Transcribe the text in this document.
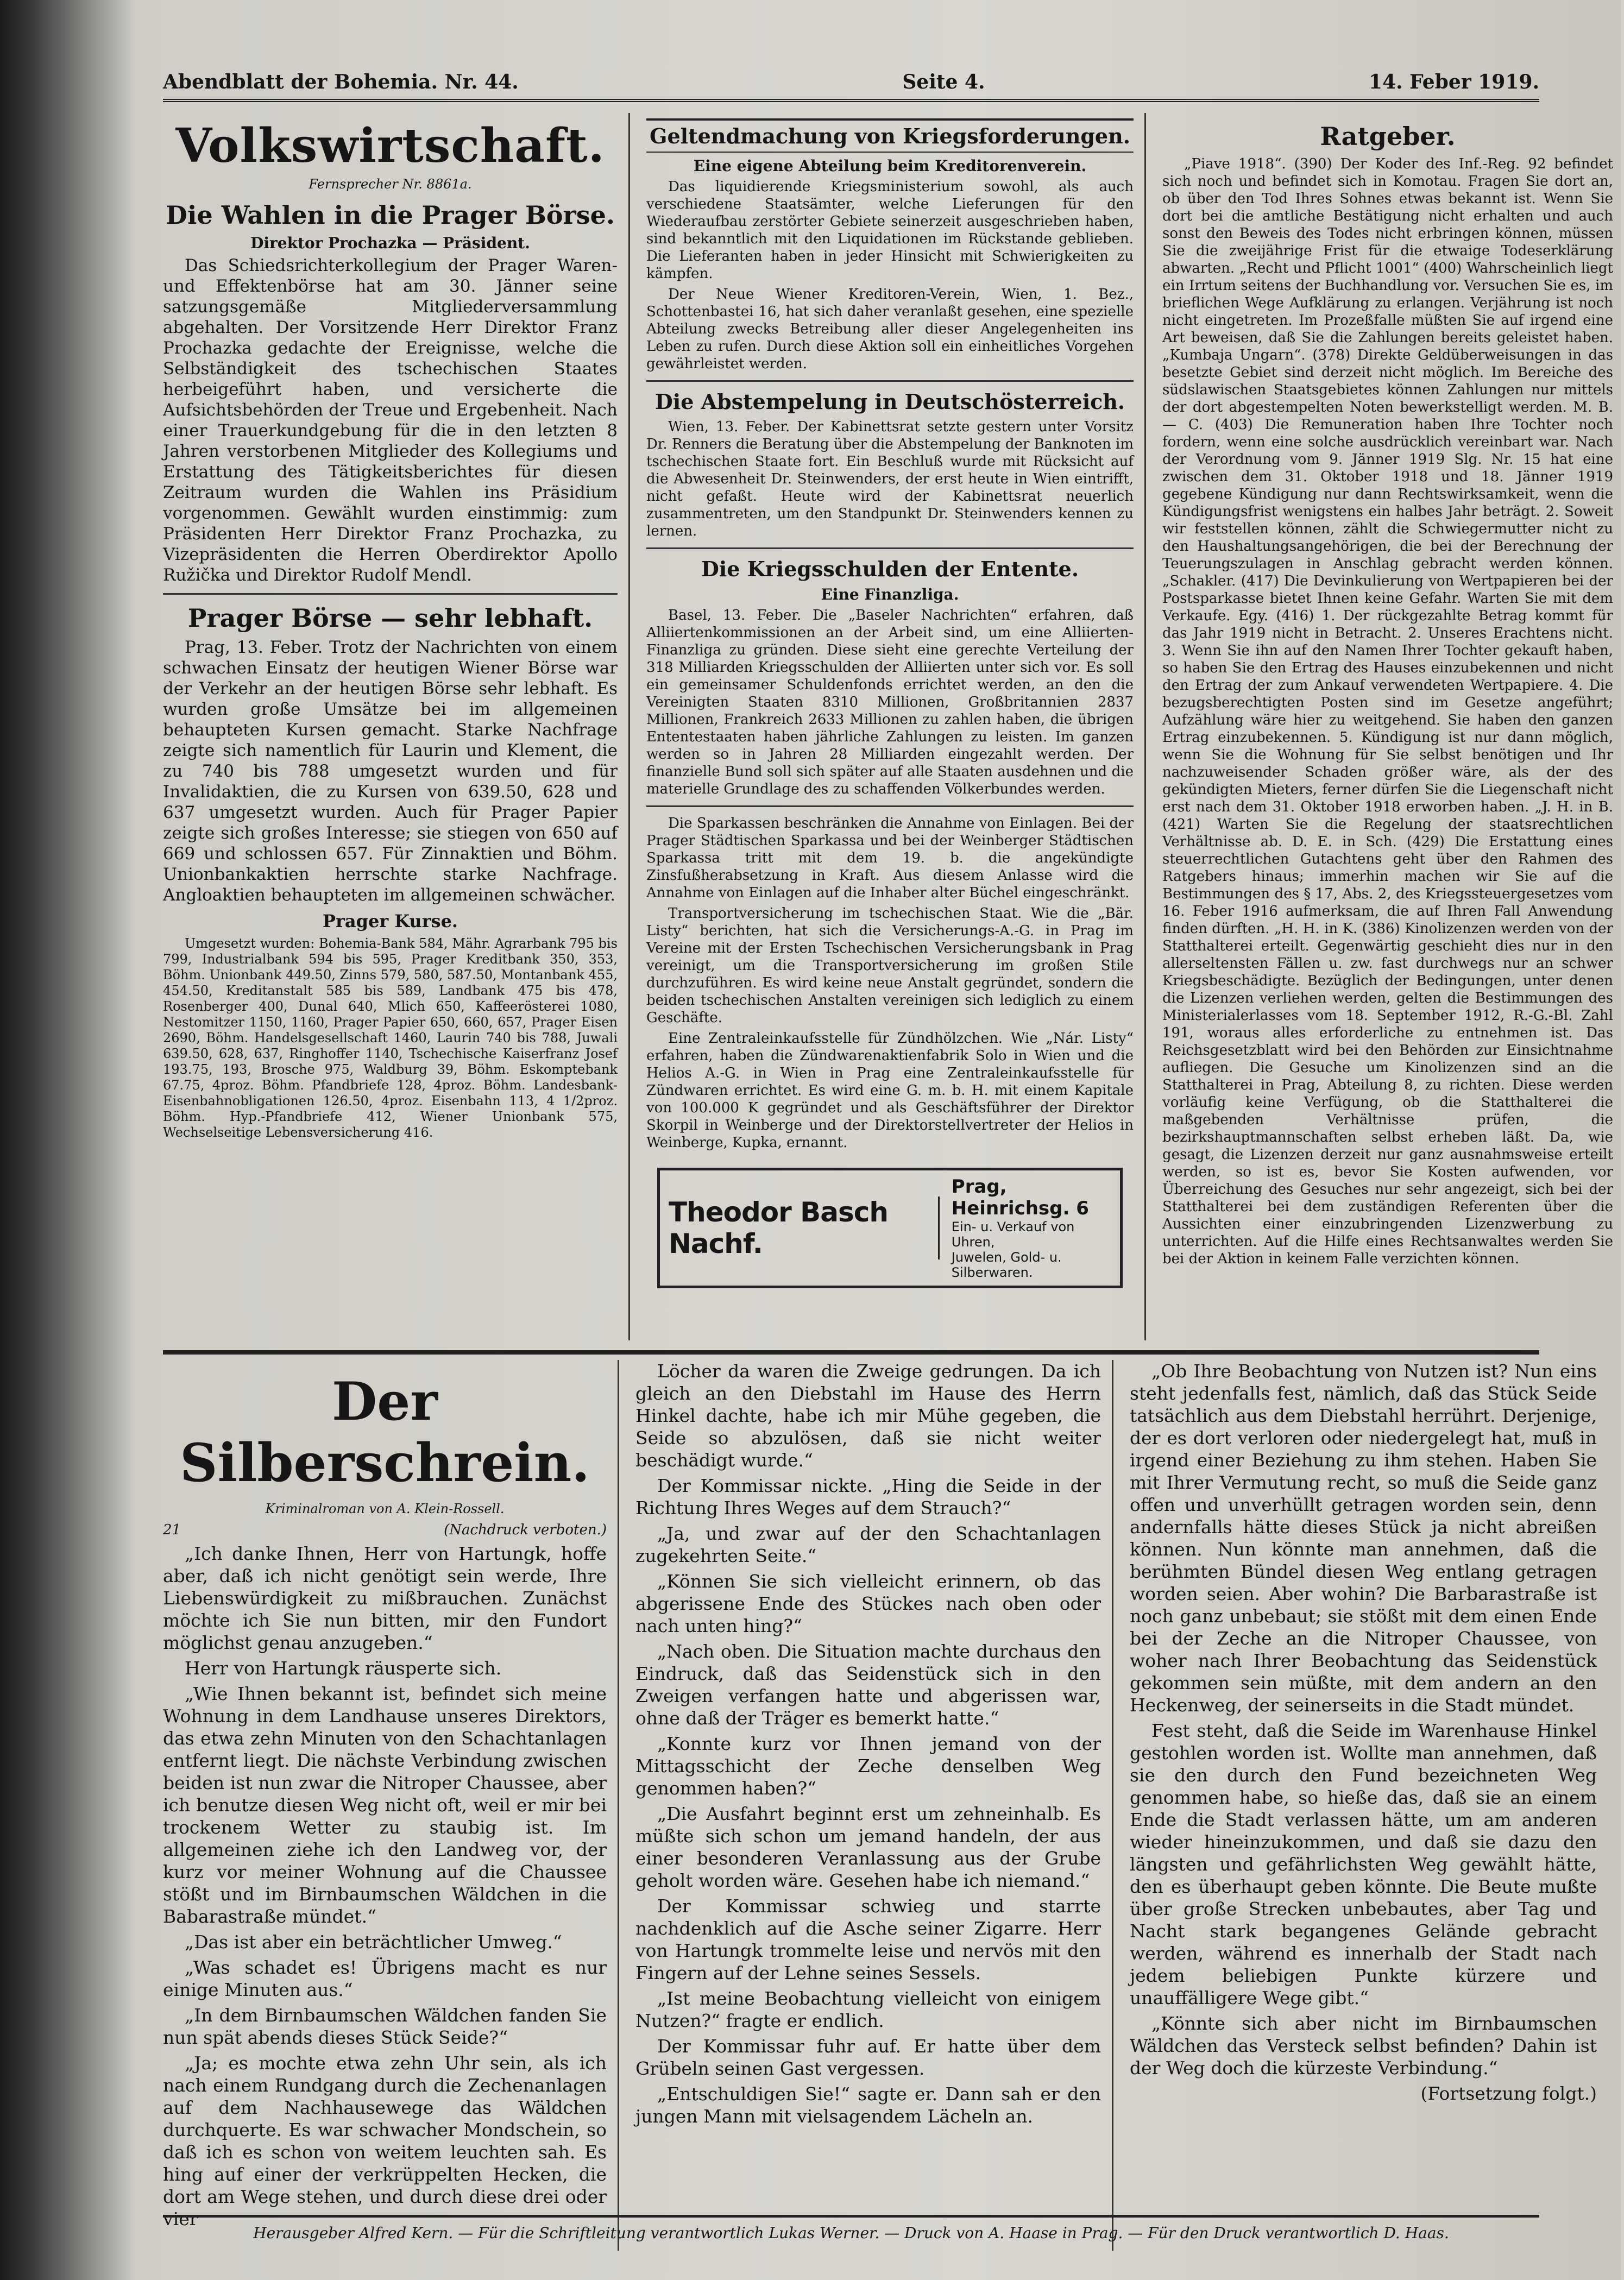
Abendblatt der Bohemia. Nr. 44.	Seite 4.	14. Feber 1919.
Volkswirtschaft.
Fernsprecher Nr. 8861a.
Die Wahlen in die Prager Börse.
Direktor Prochazka — Präsident.

Das Schiedsrichterkollegium der Prager Waren- und Effektenbörse hat am 30. Jänner seine satzungsgemäße Mitgliederversammlung abgehalten. Der Vorsitzende Herr Direktor Franz Prochazka gedachte der Ereignisse, welche die Selbständigkeit des tschechischen Staates herbeigeführt haben, und versicherte die Aufsichtsbehörden der Treue und Ergebenheit. Nach einer Trauerkundgebung für die in den letzten 8 Jahren verstorbenen Mitglieder des Kollegiums und Erstattung des Tätigkeitsberichtes für diesen Zeitraum wurden die Wahlen ins Präsidium vorgenommen. Gewählt wurden einstimmig: zum Präsidenten Herr Direktor Franz Prochazka, zu Vizepräsidenten die Herren Oberdirektor Apollo Ružička und Direktor Rudolf Mendl.

Prager Börse — sehr lebhaft.

Prag, 13. Feber. Trotz der Nachrichten von einem schwachen Einsatz der heutigen Wiener Börse war der Verkehr an der heutigen Börse sehr lebhaft. Es wurden große Umsätze bei im allgemeinen behaupteten Kursen gemacht. Starke Nachfrage zeigte sich namentlich für Laurin und Klement, die zu 740 bis 788 umgesetzt wurden und für Invalidaktien, die zu Kursen von 639.50, 628 und 637 umgesetzt wurden. Auch für Prager Papier zeigte sich großes Interesse; sie stiegen von 650 auf 669 und schlossen 657. Für Zinnaktien und Böhm. Unionbankaktien herrschte starke Nachfrage. Angloaktien behaupteten im allgemeinen schwächer.

Prager Kurse.

Umgesetzt wurden: Bohemia-Bank 584, Mähr. Agrarbank 795 bis 799, Industrialbank 594 bis 595, Prager Kreditbank 350, 353, Böhm. Unionbank 449.50, Zinns 579, 580, 587.50, Montanbank 455, 454.50, Kreditanstalt 585 bis 589, Landbank 475 bis 478, Rosenberger 400, Dunal 640, Mlich 650, Kaffeerösterei 1080, Nestomitzer 1150, 1160, Prager Papier 650, 660, 657, Prager Eisen 2690, Böhm. Handelsgesellschaft 1460, Laurin 740 bis 788, Juwali 639.50, 628, 637, Ringhoffer 1140, Tschechische Kaiserfranz Josef 193.75, 193, Brosche 975, Waldburg 39, Böhm. Eskomptebank 67.75, 4proz. Böhm. Pfandbriefe 128, 4proz. Böhm. Landesbank-Eisenbahnobligationen 126.50, 4proz. Eisenbahn 113, 4 1/2proz. Böhm. Hyp.-Pfandbriefe 412, Wiener Unionbank 575, Wechselseitige Lebensversicherung 416.

Geltendmachung von Kriegsforderungen.
Eine eigene Abteilung beim Kreditorenverein.

Das liquidierende Kriegsministerium sowohl, als auch verschiedene Staatsämter, welche Lieferungen für den Wiederaufbau zerstörter Gebiete seinerzeit ausgeschrieben haben, sind bekanntlich mit den Liquidationen im Rückstande geblieben. Die Lieferanten haben in jeder Hinsicht mit Schwierigkeiten zu kämpfen.

Der Neue Wiener Kreditoren-Verein, Wien, 1. Bez., Schottenbastei 16, hat sich daher veranlaßt gesehen, eine spezielle Abteilung zwecks Betreibung aller dieser Angelegenheiten ins Leben zu rufen. Durch diese Aktion soll ein einheitliches Vorgehen gewährleistet werden.

Die Abstempelung in Deutschösterreich.

Wien, 13. Feber. Der Kabinettsrat setzte gestern unter Vorsitz Dr. Renners die Beratung über die Abstempelung der Banknoten im tschechischen Staate fort. Ein Beschluß wurde mit Rücksicht auf die Abwesenheit Dr. Steinwenders, der erst heute in Wien eintrifft, nicht gefaßt. Heute wird der Kabinettsrat neuerlich zusammentreten, um den Standpunkt Dr. Steinwenders kennen zu lernen.

Die Kriegsschulden der Entente.
Eine Finanzliga.

Basel, 13. Feber. Die „Baseler Nachrichten“ erfahren, daß Alliiertenkommissionen an der Arbeit sind, um eine Alliierten-Finanzliga zu gründen. Diese sieht eine gerechte Verteilung der 318 Milliarden Kriegsschulden der Alliierten unter sich vor. Es soll ein gemeinsamer Schuldenfonds errichtet werden, an den die Vereinigten Staaten 8310 Millionen, Großbritannien 2837 Millionen, Frankreich 2633 Millionen zu zahlen haben, die übrigen Ententestaaten haben jährliche Zahlungen zu leisten. Im ganzen werden so in Jahren 28 Milliarden eingezahlt werden. Der finanzielle Bund soll sich später auf alle Staaten ausdehnen und die materielle Grundlage des zu schaffenden Völkerbundes werden.

Die Sparkassen beschränken die Annahme von Einlagen. Bei der Prager Städtischen Sparkassa und bei der Weinberger Städtischen Sparkassa tritt mit dem 19. b. die angekündigte Zinsfußherabsetzung in Kraft. Aus diesem Anlasse wird die Annahme von Einlagen auf die Inhaber alter Büchel eingeschränkt.

Transportversicherung im tschechischen Staat. Wie die „Bär. Listy“ berichten, hat sich die Versicherungs-A.-G. in Prag im Vereine mit der Ersten Tschechischen Versicherungsbank in Prag vereinigt, um die Transportversicherung im großen Stile durchzuführen. Es wird keine neue Anstalt gegründet, sondern die beiden tschechischen Anstalten vereinigen sich lediglich zu einem Geschäfte.

Eine Zentraleinkaufsstelle für Zündhölzchen. Wie „Nár. Listy“ erfahren, haben die Zündwarenaktienfabrik Solo in Wien und die Helios A.-G. in Wien in Prag eine Zentraleinkaufsstelle für Zündwaren errichtet. Es wird eine G. m. b. H. mit einem Kapitale von 100.000 K gegründet und als Geschäftsführer der Direktor Skorpil in Weinberge und der Direktorstellvertreter der Helios in Weinberge, Kupka, ernannt.

Theodor Basch Nachf.
Prag, Heinrichsg. 6
Ein- u. Verkauf von Uhren,
Juwelen, Gold- u. Silberwaren.
Ratgeber.

„Piave 1918“. (390) Der Koder des Inf.-Reg. 92 befindet sich noch und befindet sich in Komotau. Fragen Sie dort an, ob über den Tod Ihres Sohnes etwas bekannt ist. Wenn Sie dort bei die amtliche Bestätigung nicht erhalten und auch sonst den Beweis des Todes nicht erbringen können, müssen Sie die zweijährige Frist für die etwaige Todeserklärung abwarten. „Recht und Pflicht 1001“ (400) Wahrscheinlich liegt ein Irrtum seitens der Buchhandlung vor. Versuchen Sie es, im brieflichen Wege Aufklärung zu erlangen. Verjährung ist noch nicht eingetreten. Im Prozeßfalle müßten Sie auf irgend eine Art beweisen, daß Sie die Zahlungen bereits geleistet haben. „Kumbaja Ungarn“. (378) Direkte Geldüberweisungen in das besetzte Gebiet sind derzeit nicht möglich. Im Bereiche des südslawischen Staatsgebietes können Zahlungen nur mittels der dort abgestempelten Noten bewerkstelligt werden. M. B. — C. (403) Die Remuneration haben Ihre Tochter noch fordern, wenn eine solche ausdrücklich vereinbart war. Nach der Verordnung vom 9. Jänner 1919 Slg. Nr. 15 hat eine zwischen dem 31. Oktober 1918 und 18. Jänner 1919 gegebene Kündigung nur dann Rechtswirksamkeit, wenn die Kündigungsfrist wenigstens ein halbes Jahr beträgt. 2. Soweit wir feststellen können, zählt die Schwiegermutter nicht zu den Haushaltungsangehörigen, die bei der Berechnung der Teuerungszulagen in Anschlag gebracht werden können. „Schakler. (417) Die Devinkulierung von Wertpapieren bei der Postsparkasse bietet Ihnen keine Gefahr. Warten Sie mit dem Verkaufe. Egy. (416) 1. Der rückgezahlte Betrag kommt für das Jahr 1919 nicht in Betracht. 2. Unseres Erachtens nicht. 3. Wenn Sie ihn auf den Namen Ihrer Tochter gekauft haben, so haben Sie den Ertrag des Hauses einzubekennen und nicht den Ertrag der zum Ankauf verwendeten Wertpapiere. 4. Die bezugsberechtigten Posten sind im Gesetze angeführt; Aufzählung wäre hier zu weitgehend. Sie haben den ganzen Ertrag einzubekennen. 5. Kündigung ist nur dann möglich, wenn Sie die Wohnung für Sie selbst benötigen und Ihr nachzuweisender Schaden größer wäre, als der des gekündigten Mieters, ferner dürfen Sie die Liegenschaft nicht erst nach dem 31. Oktober 1918 erworben haben. „J. H. in B. (421) Warten Sie die Regelung der staatsrechtlichen Verhältnisse ab. D. E. in Sch. (429) Die Erstattung eines steuerrechtlichen Gutachtens geht über den Rahmen des Ratgebers hinaus; immerhin machen wir Sie auf die Bestimmungen des § 17, Abs. 2, des Kriegssteuergesetzes vom 16. Feber 1916 aufmerksam, die auf Ihren Fall Anwendung finden dürften. „H. H. in K. (386) Kinolizenzen werden von der Statthalterei erteilt. Gegenwärtig geschieht dies nur in den allerseltensten Fällen u. zw. fast durchwegs nur an schwer Kriegsbeschädigte. Bezüglich der Bedingungen, unter denen die Lizenzen verliehen werden, gelten die Bestimmungen des Ministerialerlasses vom 18. September 1912, R.-G.-Bl. Zahl 191, woraus alles erforderliche zu entnehmen ist. Das Reichsgesetzblatt wird bei den Behörden zur Einsichtnahme aufliegen. Die Gesuche um Kinolizenzen sind an die Statthalterei in Prag, Abteilung 8, zu richten. Diese werden vorläufig keine Verfügung, ob die Statthalterei die maßgebenden Verhältnisse prüfen, die bezirkshauptmannschaften selbst erheben läßt. Da, wie gesagt, die Lizenzen derzeit nur ganz ausnahmsweise erteilt werden, so ist es, bevor Sie Kosten aufwenden, vor Überreichung des Gesuches nur sehr angezeigt, sich bei der Statthalterei bei dem zuständigen Referenten über die Aussichten einer einzubringenden Lizenzwerbung zu unterrichten. Auf die Hilfe eines Rechtsanwaltes werden Sie bei der Aktion in keinem Falle verzichten können.

Der Silberschrein.
Kriminalroman von A. Klein-Rossell.
21	(Nachdruck verboten.)

„Ich danke Ihnen, Herr von Hartungk, hoffe aber, daß ich nicht genötigt sein werde, Ihre Liebenswürdigkeit zu mißbrauchen. Zunächst möchte ich Sie nun bitten, mir den Fundort möglichst genau anzugeben.“

Herr von Hartungk räusperte sich.

„Wie Ihnen bekannt ist, befindet sich meine Wohnung in dem Landhause unseres Direktors, das etwa zehn Minuten von den Schachtanlagen entfernt liegt. Die nächste Verbindung zwischen beiden ist nun zwar die Nitroper Chaussee, aber ich benutze diesen Weg nicht oft, weil er mir bei trockenem Wetter zu staubig ist. Im allgemeinen ziehe ich den Landweg vor, der kurz vor meiner Wohnung auf die Chaussee stößt und im Birnbaumschen Wäldchen in die Babarastraße mündet.“

„Das ist aber ein beträchtlicher Umweg.“

„Was schadet es! Übrigens macht es nur einige Minuten aus.“

„In dem Birnbaumschen Wäldchen fanden Sie nun spät abends dieses Stück Seide?“

„Ja; es mochte etwa zehn Uhr sein, als ich nach einem Rundgang durch die Zechenanlagen auf dem Nachhausewege das Wäldchen durchquerte. Es war schwacher Mondschein, so daß ich es schon von weitem leuchten sah. Es hing auf einer der verkrüppelten Hecken, die dort am Wege stehen, und durch diese drei oder vier

Löcher da waren die Zweige gedrungen. Da ich gleich an den Diebstahl im Hause des Herrn Hinkel dachte, habe ich mir Mühe gegeben, die Seide so abzulösen, daß sie nicht weiter beschädigt wurde.“

Der Kommissar nickte. „Hing die Seide in der Richtung Ihres Weges auf dem Strauch?“

„Ja, und zwar auf der den Schachtanlagen zugekehrten Seite.“

„Können Sie sich vielleicht erinnern, ob das abgerissene Ende des Stückes nach oben oder nach unten hing?“

„Nach oben. Die Situation machte durchaus den Eindruck, daß das Seidenstück sich in den Zweigen verfangen hatte und abgerissen war, ohne daß der Träger es bemerkt hatte.“

„Konnte kurz vor Ihnen jemand von der Mittagsschicht der Zeche denselben Weg genommen haben?“

„Die Ausfahrt beginnt erst um zehneinhalb. Es müßte sich schon um jemand handeln, der aus einer besonderen Veranlassung aus der Grube geholt worden wäre. Gesehen habe ich niemand.“

Der Kommissar schwieg und starrte nachdenklich auf die Asche seiner Zigarre. Herr von Hartungk trommelte leise und nervös mit den Fingern auf der Lehne seines Sessels.

„Ist meine Beobachtung vielleicht von einigem Nutzen?“ fragte er endlich.

Der Kommissar fuhr auf. Er hatte über dem Grübeln seinen Gast vergessen.

„Entschuldigen Sie!“ sagte er. Dann sah er den jungen Mann mit vielsagendem Lächeln an.

„Ob Ihre Beobachtung von Nutzen ist? Nun eins steht jedenfalls fest, nämlich, daß das Stück Seide tatsächlich aus dem Diebstahl herrührt. Derjenige, der es dort verloren oder niedergelegt hat, muß in irgend einer Beziehung zu ihm stehen. Haben Sie mit Ihrer Vermutung recht, so muß die Seide ganz offen und unverhüllt getragen worden sein, denn andernfalls hätte dieses Stück ja nicht abreißen können. Nun könnte man annehmen, daß die berühmten Bündel diesen Weg entlang getragen worden seien. Aber wohin? Die Barbarastraße ist noch ganz unbebaut; sie stößt mit dem einen Ende bei der Zeche an die Nitroper Chaussee, von woher nach Ihrer Beobachtung das Seidenstück gekommen sein müßte, mit dem andern an den Heckenweg, der seinerseits in die Stadt mündet.

Fest steht, daß die Seide im Warenhause Hinkel gestohlen worden ist. Wollte man annehmen, daß sie den durch den Fund bezeichneten Weg genommen habe, so hieße das, daß sie an einem Ende die Stadt verlassen hätte, um am anderen wieder hineinzukommen, und daß sie dazu den längsten und gefährlichsten Weg gewählt hätte, den es überhaupt geben könnte. Die Beute mußte über große Strecken unbebautes, aber Tag und Nacht stark begangenes Gelände gebracht werden, während es innerhalb der Stadt nach jedem beliebigen Punkte kürzere und unauffälligere Wege gibt.“

„Könnte sich aber nicht im Birnbaumschen Wäldchen das Versteck selbst befinden? Dahin ist der Weg doch die kürzeste Verbindung.“

(Fortsetzung folgt.)

Herausgeber Alfred Kern. — Für die Schriftleitung verantwortlich Lukas Werner. — Druck von A. Haase in Prag. — Für den Druck verantwortlich D. Haas.
